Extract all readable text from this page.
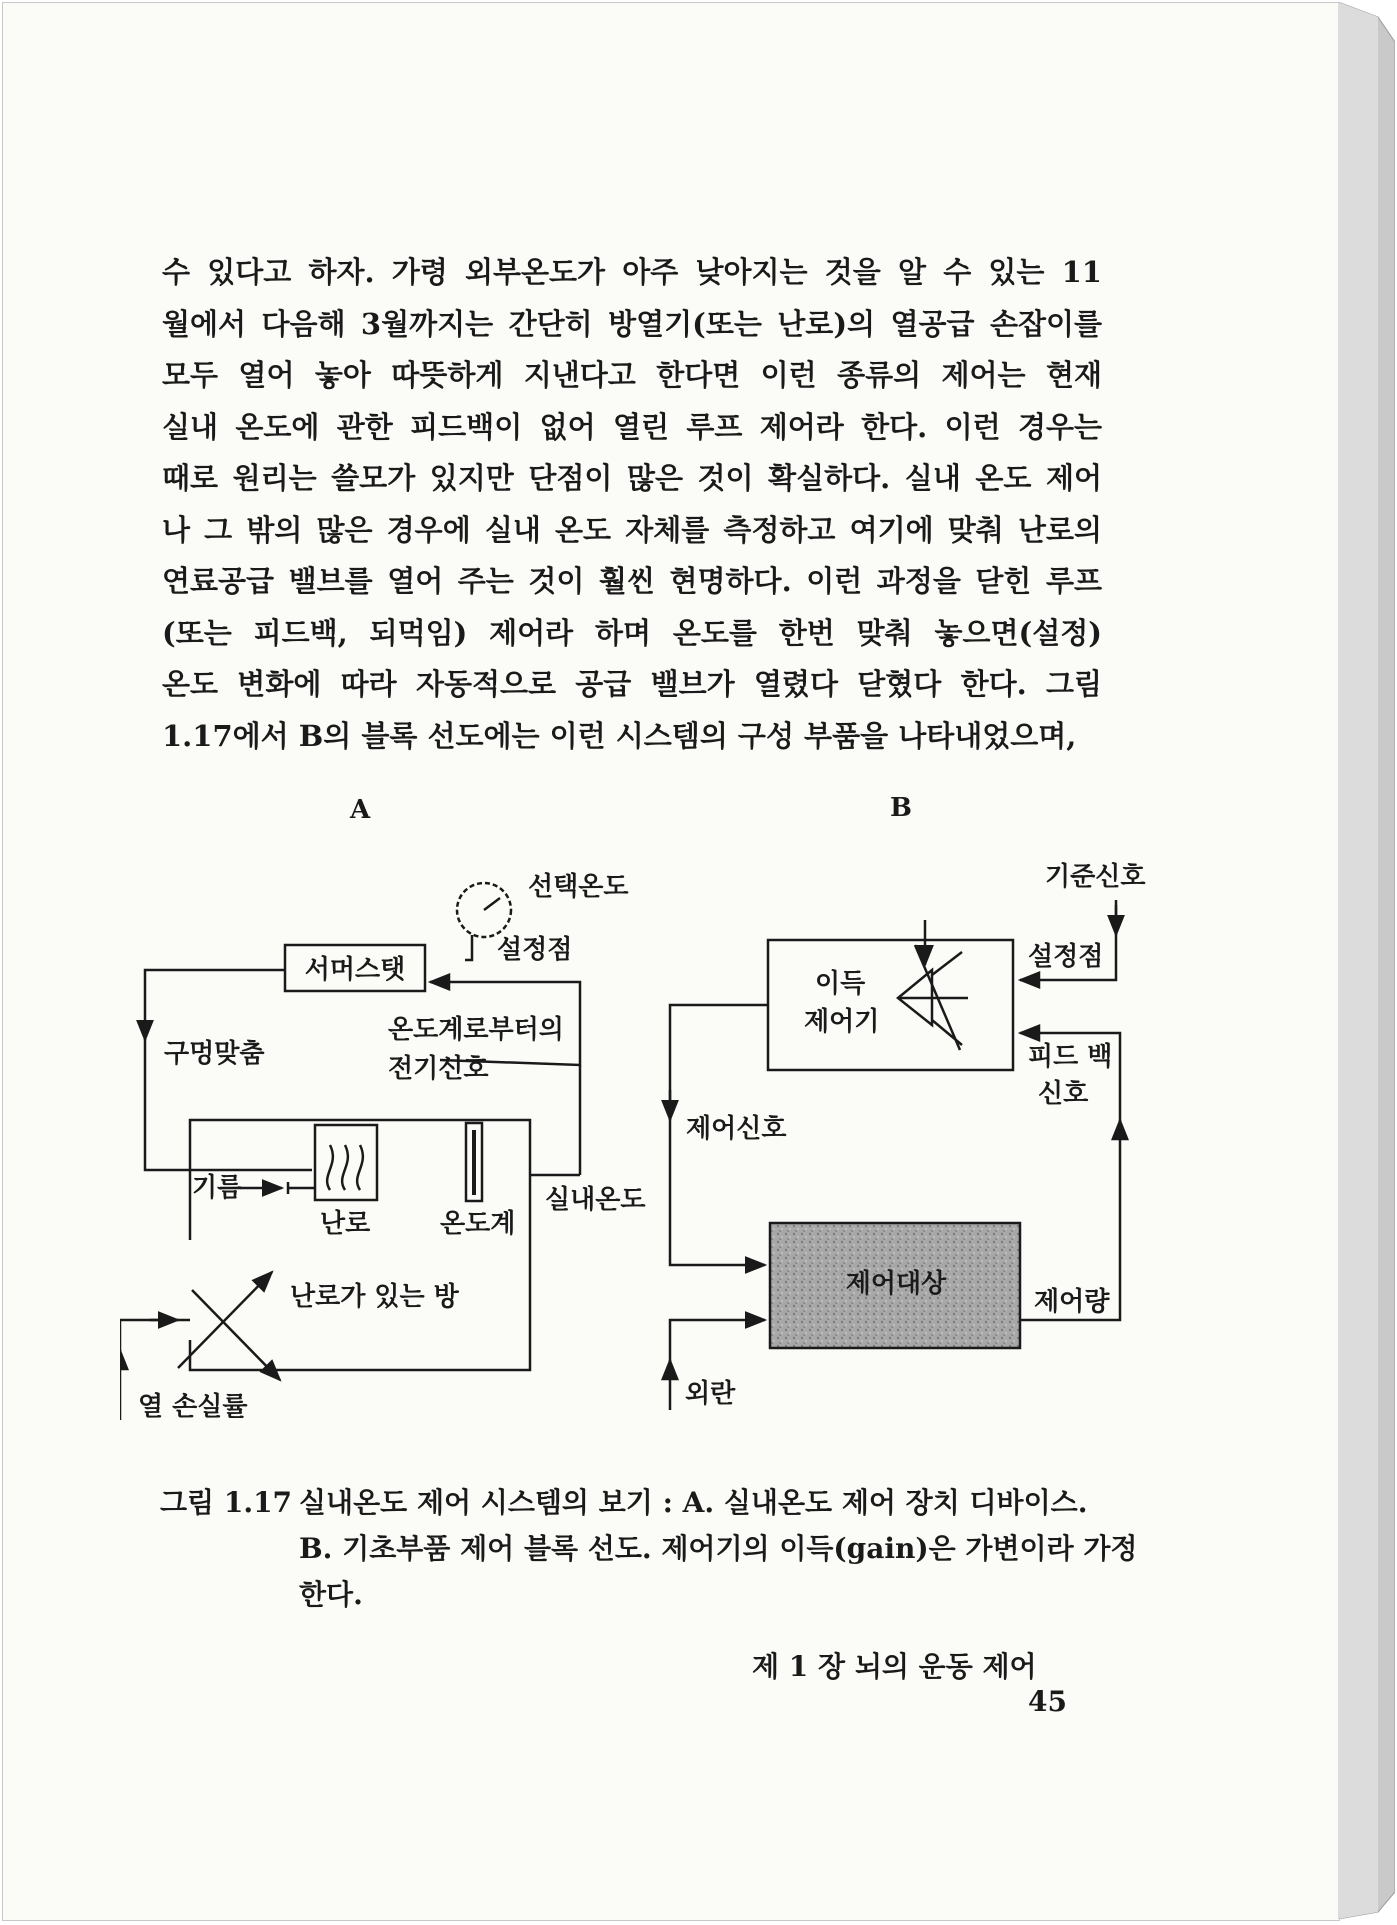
수 있다고 하자. 가령 외부온도가 아주 낮아지는 것을 알 수 있는 11
월에서 다음해 3월까지는 간단히 방열기(또는 난로)의 열공급 손잡이를
모두 열어 놓아 따뜻하게 지낸다고 한다면 이런 종류의 제어는 현재
실내 온도에 관한 피드백이 없어 열린 루프 제어라 한다. 이런 경우는
때로 원리는 쓸모가 있지만 단점이 많은 것이 확실하다. 실내 온도 제어
나 그 밖의 많은 경우에 실내 온도 자체를 측정하고 여기에 맞춰 난로의
연료공급 밸브를 열어 주는 것이 훨씬 현명하다. 이런 과정을 닫힌 루프
(또는 피드백, 되먹임) 제어라 하며 온도를 한번 맞춰 놓으면(설정)
온도 변화에 따라 자동적으로 공급 밸브가 열렸다 닫혔다 한다. 그림
1.17에서 B의 블록 선도에는 이런 시스템의 구성 부품을 나타내었으며,
A	B
선택온도
설정점
서머스탯
구멍맞춤
온도계로부터의
전기신호
기름
난로	온도계
실내온도
난로가 있는 방
열 손실률
기준신호
설정점
이득
제어기
피드 백
신호
제어신호
제어대상
제어량
외란
그림 1.17 실내온도 제어 시스템의 보기 : A. 실내온도 제어 장치 디바이스.
B. 기초부품 제어 블록 선도. 제어기의 이득(gain)은 가변이라 가정
한다.
제 1 장 뇌의 운동 제어
45
